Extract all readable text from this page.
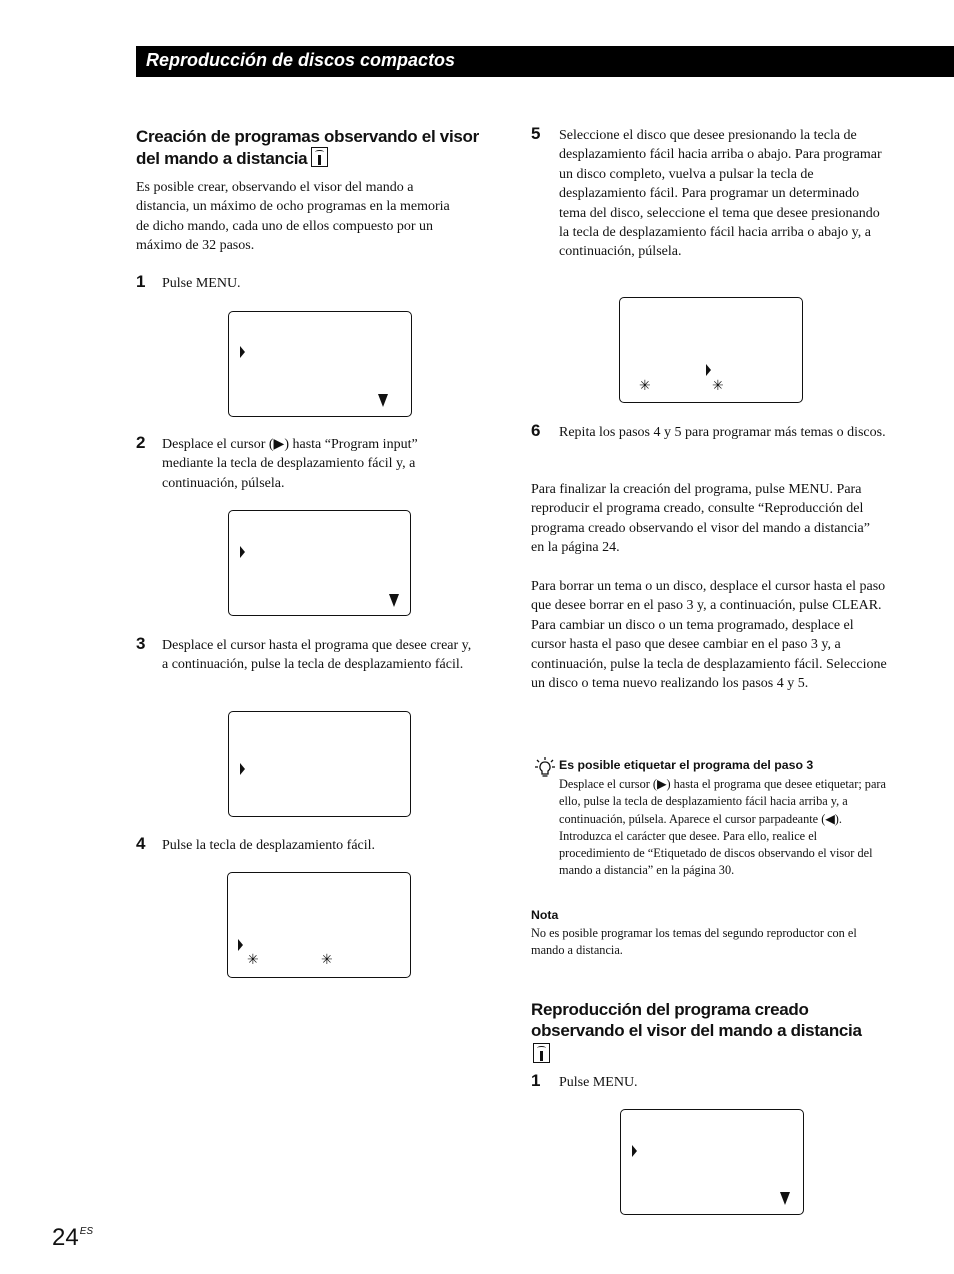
Reproducción de discos compactos
Creación de programas observando el visor del mando a distancia
Es posible crear, observando el visor del mando a distancia, un máximo de ocho programas en la memoria de dicho mando, cada uno de ellos compuesto por un máximo de 32 pasos.
1 Pulse MENU.
2 Desplace el cursor (▶) hasta “Program input” mediante la tecla de desplazamiento fácil y, a continuación, púlsela.
3 Desplace el cursor hasta el programa que desee crear y, a continuación, pulse la tecla de desplazamiento fácil.
4 Pulse la tecla de desplazamiento fácil.
✳	✳
5 Seleccione el disco que desee presionando la tecla de desplazamiento fácil hacia arriba o abajo. Para programar un disco completo, vuelva a pulsar la tecla de desplazamiento fácil. Para programar un determinado tema del disco, seleccione el tema que desee presionando la tecla de desplazamiento fácil hacia arriba o abajo y, a continuación, púlsela.
✳	✳
6 Repita los pasos 4 y 5 para programar más temas o discos.
Para finalizar la creación del programa, pulse MENU. Para reproducir el programa creado, consulte “Reproducción del programa creado observando el visor del mando a distancia” en la página 24.
Para borrar un tema o un disco, desplace el cursor hasta el paso que desee borrar en el paso 3 y, a continuación, pulse CLEAR. Para cambiar un disco o un tema programado, desplace el cursor hasta el paso que desee cambiar en el paso 3 y, a continuación, pulse la tecla de desplazamiento fácil. Seleccione un disco o tema nuevo realizando los pasos 4 y 5.
Es posible etiquetar el programa del paso 3
Desplace el cursor (▶) hasta el programa que desee etiquetar; para ello, pulse la tecla de desplazamiento fácil hacia arriba y, a continuación, púlsela. Aparece el cursor parpadeante (◀). Introduzca el carácter que desee. Para ello, realice el procedimiento de “Etiquetado de discos observando el visor del mando a distancia” en la página 30.
Nota
No es posible programar los temas del segundo reproductor con el mando a distancia.
Reproducción del programa creado observando el visor del mando a distancia

1 Pulse MENU.
$24^{ES}$
